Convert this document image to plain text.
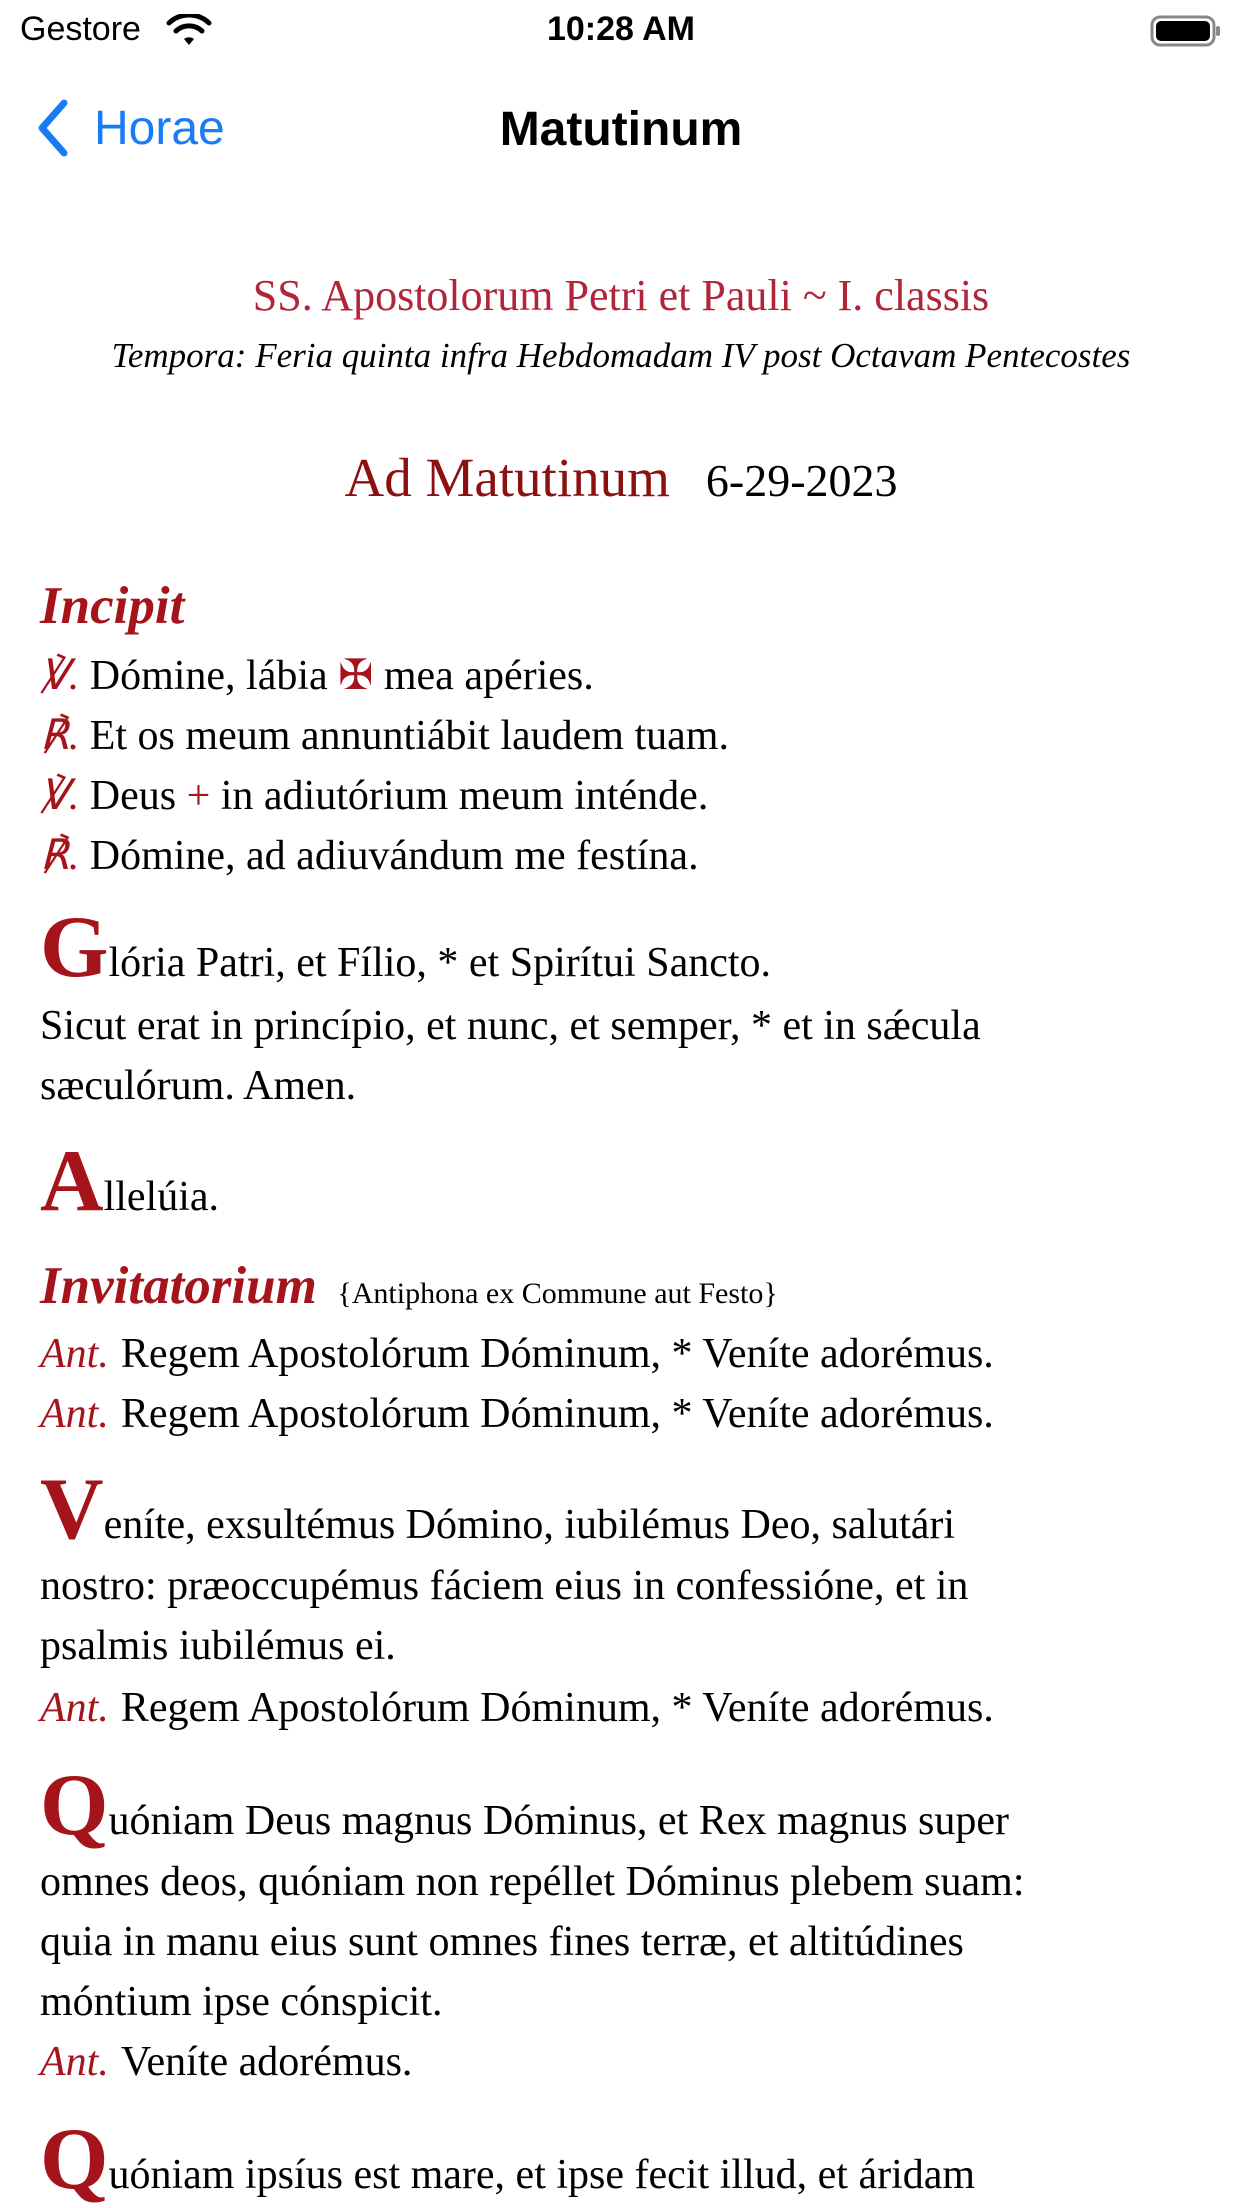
Gestore	10:28 AM
Horae	Matutinum
SS. Apostolorum Petri et Pauli ~ I. classis
Tempora: Feria quinta infra Hebdomadam IV post Octavam Pentecostes
Ad Matutinum 6-29-2023
Incipit
℣. Dómine, lábia ✠ mea apéries.
℟. Et os meum annuntiábit laudem tuam.
℣. Deus + in adiutórium meum inténde.
℟. Dómine, ad adiuvándum me festína.
Glória Patri, et Fílio, * et Spirítui Sancto.
Sicut erat in princípio, et nunc, et semper, * et in sǽcula
sæculórum. Amen.
Allelúia.
Invitatorium {Antiphona ex Commune aut Festo}
Ant. Regem Apostolórum Dóminum, * Veníte adorémus.
Ant. Regem Apostolórum Dóminum, * Veníte adorémus.
Veníte, exsultémus Dómino, iubilémus Deo, salutári
nostro: præoccupémus fáciem eius in confessióne, et in
psalmis iubilémus ei.
Ant. Regem Apostolórum Dóminum, * Veníte adorémus.
Quóniam Deus magnus Dóminus, et Rex magnus super
omnes deos, quóniam non repéllet Dóminus plebem suam:
quia in manu eius sunt omnes fines terræ, et altitúdines
móntium ipse cónspicit.
Ant. Veníte adorémus.
Quóniam ipsíus est mare, et ipse fecit illud, et áridam
